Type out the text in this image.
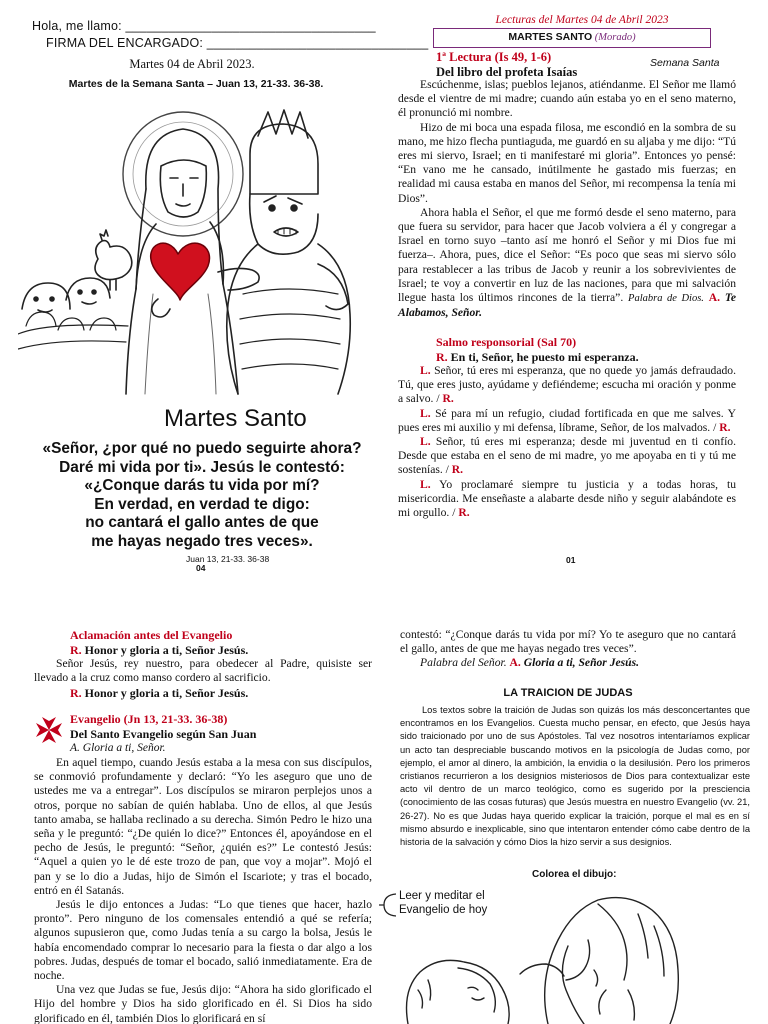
Hola, me llamo: ___________________________________
FIRMA DEL ENCARGADO: _______________________________
Martes 04 de Abril 2023.
Martes de la Semana Santa – Juan 13, 21-33. 36-38.
Martes Santo
«Señor, ¿por qué no puedo seguirte ahora?
Daré mi vida por ti». Jesús le contestó:
«¿Conque darás tu vida por mí?
En verdad, en verdad te digo:
no cantará el gallo antes de que
me hayas negado tres veces».
Juan 13, 21-33. 36-38
04
Lecturas del Martes 04 de Abril 2023
MARTES SANTO (Morado)
Semana Santa
1ª Lectura (Is 49, 1-6)
Del libro del profeta Isaías

Escúchenme, islas; pueblos lejanos, atiéndanme. El Señor me llamó desde el vientre de mi madre; cuando aún estaba yo en el seno materno, él pronunció mi nombre.

Hizo de mi boca una espada filosa, me escondió en la sombra de su mano, me hizo flecha puntiaguda, me guardó en su aljaba y me dijo: “Tú eres mi siervo, Israel; en ti manifestaré mi gloria”. Entonces yo pensé: “En vano me he cansado, inútilmente he gastado mis fuerzas; en realidad mi causa estaba en manos del Señor, mi recompensa la tenía mi Dios”.

Ahora habla el Señor, el que me formó desde el seno materno, para que fuera su servidor, para hacer que Jacob volviera a él y congregar a Israel en torno suyo –tanto así me honró el Señor y mi Dios fue mi fuerza–. Ahora, pues, dice el Señor: “Es poco que seas mi siervo sólo para restablecer a las tribus de Jacob y reunir a los sobrevivientes de Israel; te voy a convertir en luz de las naciones, para que mi salvación llegue hasta los últimos rincones de la tierra”. Palabra de Dios. A. Te Alabamos, Señor.

Salmo responsorial (Sal 70)
R. En ti, Señor, he puesto mi esperanza.

L. Señor, tú eres mi esperanza, que no quede yo jamás defraudado. Tú, que eres justo, ayúdame y defiéndeme; escucha mi oración y ponme a salvo. / R.

L. Sé para mí un refugio, ciudad fortificada en que me salves. Y pues eres mi auxilio y mi defensa, líbrame, Señor, de los malvados. / R.

L. Señor, tú eres mi esperanza; desde mi juventud en ti confío. Desde que estaba en el seno de mi madre, yo me apoyaba en ti y tú me sostenías. / R.

L. Yo proclamaré siempre tu justicia y a todas horas, tu misericordia. Me enseñaste a alabarte desde niño y seguir alabándote es mi orgullo. / R.

01
Aclamación antes del Evangelio
R. Honor y gloria a ti, Señor Jesús.

Señor Jesús, rey nuestro, para obedecer al Padre, quisiste ser llevado a la cruz como manso cordero al sacrificio.

R. Honor y gloria a ti, Señor Jesús.
Evangelio (Jn 13, 21-33. 36-38)
Del Santo Evangelio según San Juan
A. Gloria a ti, Señor.

En aquel tiempo, cuando Jesús estaba a la mesa con sus discípulos, se conmovió profundamente y declaró: “Yo les aseguro que uno de ustedes me va a entregar”. Los discípulos se miraron perplejos unos a otros, porque no sabían de quién hablaba. Uno de ellos, al que Jesús tanto amaba, se hallaba reclinado a su derecha. Simón Pedro le hizo una seña y le preguntó: “¿De quién lo dice?” Entonces él, apoyándose en el pecho de Jesús, le preguntó: “Señor, ¿quién es?” Le contestó Jesús: “Aquel a quien yo le dé este trozo de pan, que voy a mojar”. Mojó el pan y se lo dio a Judas, hijo de Simón el Iscariote; y tras el bocado, entró en él Satanás.

Jesús le dijo entonces a Judas: “Lo que tienes que hacer, hazlo pronto”. Pero ninguno de los comensales entendió a qué se refería; algunos supusieron que, como Judas tenía a su cargo la bolsa, Jesús le había encomendado comprar lo necesario para la fiesta o dar algo a los pobres. Judas, después de tomar el bocado, salió inmediatamente. Era de noche.

Una vez que Judas se fue, Jesús dijo: “Ahora ha sido glorificado el Hijo del hombre y Dios ha sido glorificado en él. Si Dios ha sido glorificado en él, también Dios lo glorificará en sí

contestó: “¿Conque darás tu vida por mí? Yo te aseguro que no cantará el gallo, antes de que me hayas negado tres veces”.

Palabra del Señor. A. Gloria a ti, Señor Jesús.

LA TRAICION DE JUDAS

Los textos sobre la traición de Judas son quizás los más desconcertantes que encontramos en los Evangelios. Cuesta mucho pensar, en efecto, que Jesús haya sido traicionado por uno de sus Apóstoles. Tal vez nosotros intentaríamos explicar un acto tan despreciable buscando motivos en la psicología de Judas como, por ejemplo, el amor al dinero, la ambición, la envidia o la desilusión. Pero los primeros cristianos recurrieron a los designios misteriosos de Dios para contextualizar este acto vil dentro de un marco teológico, como es sugerido por la presciencia (conocimiento de las cosas futuras) que Jesús muestra en nuestro Evangelio (vv. 21, 26-27). No es que Judas haya querido explicar la traición, porque el mal es en sí mismo absurdo e inexplicable, sino que intentaron entender cómo cabe dentro de la historia de la salvación y cómo Dios la hizo servir a sus designios.

Colorea el dibujo:
Leer y meditar el Evangelio de hoy
